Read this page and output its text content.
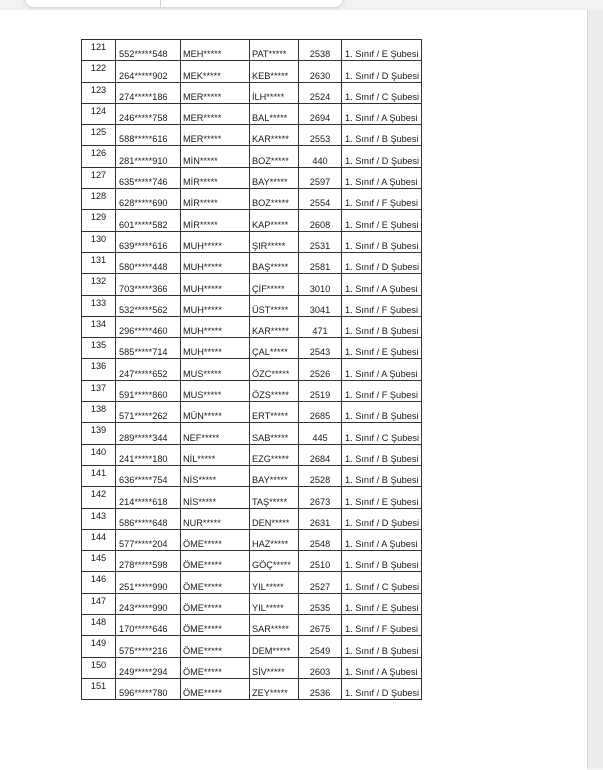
121	552*****548	MEH*****	PAT*****	2538	1. Sınıf / E Şubesi
122	264*****902	MEK*****	KEB*****	2630	1. Sınıf / D Şubesi
123	274*****186	MER*****	İLH*****	2524	1. Sınıf / C Şubesi
124	246*****758	MER*****	BAL*****	2694	1. Sınıf / A Şubesi
125	588*****616	MER*****	KAR*****	2553	1. Sınıf / B Şubesi
126	281*****910	MİN*****	BOZ*****	440	1. Sınıf / D Şubesi
127	635*****746	MİR*****	BAY*****	2597	1. Sınıf / A Şubesi
128	628*****690	MİR*****	BOZ*****	2554	1. Sınıf / F Şubesi
129	601*****582	MİR*****	KAP*****	2608	1. Sınıf / E Şubesi
130	639*****616	MUH*****	ŞIR*****	2531	1. Sınıf / B Şubesi
131	580*****448	MUH*****	BAŞ*****	2581	1. Sınıf / D Şubesi
132	703*****366	MUH*****	ÇİF*****	3010	1. Sınıf / A Şubesi
133	532*****562	MUH*****	ÜST*****	3041	1. Sınıf / F Şubesi
134	296*****460	MUH*****	KAR*****	471	1. Sınıf / B Şubesi
135	585*****714	MUH*****	ÇAL*****	2543	1. Sınıf / E Şubesi
136	247*****652	MUS*****	ÖZC*****	2526	1. Sınıf / A Şubesi
137	591*****860	MUS*****	ÖZS*****	2519	1. Sınıf / F Şubesi
138	571*****262	MÜN*****	ERT*****	2685	1. Sınıf / B Şubesi
139	289*****344	NEF*****	SAB*****	445	1. Sınıf / C Şubesi
140	241*****180	NİL*****	EZG*****	2684	1. Sınıf / B Şubesi
141	636*****754	NİS*****	BAY*****	2528	1. Sınıf / B Şubesi
142	214*****618	NİS*****	TAŞ*****	2673	1. Sınıf / E Şubesi
143	586*****648	NUR*****	DEN*****	2631	1. Sınıf / D Şubesi
144	577*****204	ÖME*****	HAZ*****	2548	1. Sınıf / A Şubesi
145	278*****598	ÖME*****	GÖÇ*****	2510	1. Sınıf / B Şubesi
146	251*****990	ÖME*****	YIL*****	2527	1. Sınıf / C Şubesi
147	243*****990	ÖME*****	YIL*****	2535	1. Sınıf / E Şubesi
148	170*****646	ÖME*****	SAR*****	2675	1. Sınıf / F Şubesi
149	575*****216	ÖME*****	DEM*****	2549	1. Sınıf / B Şubesi
150	249*****294	ÖME*****	SİV*****	2603	1. Sınıf / A Şubesi
151	596*****780	ÖME*****	ZEY*****	2536	1. Sınıf / D Şubesi
